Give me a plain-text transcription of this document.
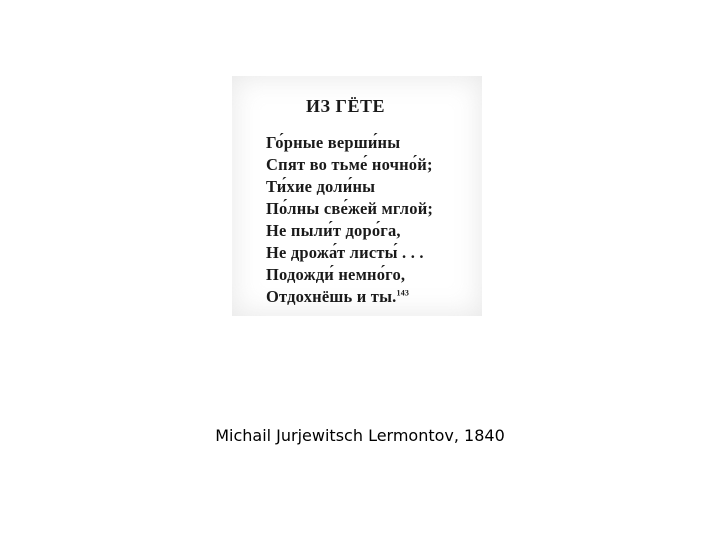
ИЗ ГЁТЕ
Го́рные верши́ны
Спят во тьме́ ночно́й;
Ти́хие доли́ны
По́лны све́жей мглой;
Не пыли́т доро́га,
Не дрожа́т листы́ . . .
Подожди́ немно́го,
Отдохнёшь и ты.$^{143}$
Michail Jurjewitsch Lermontov, 1840
